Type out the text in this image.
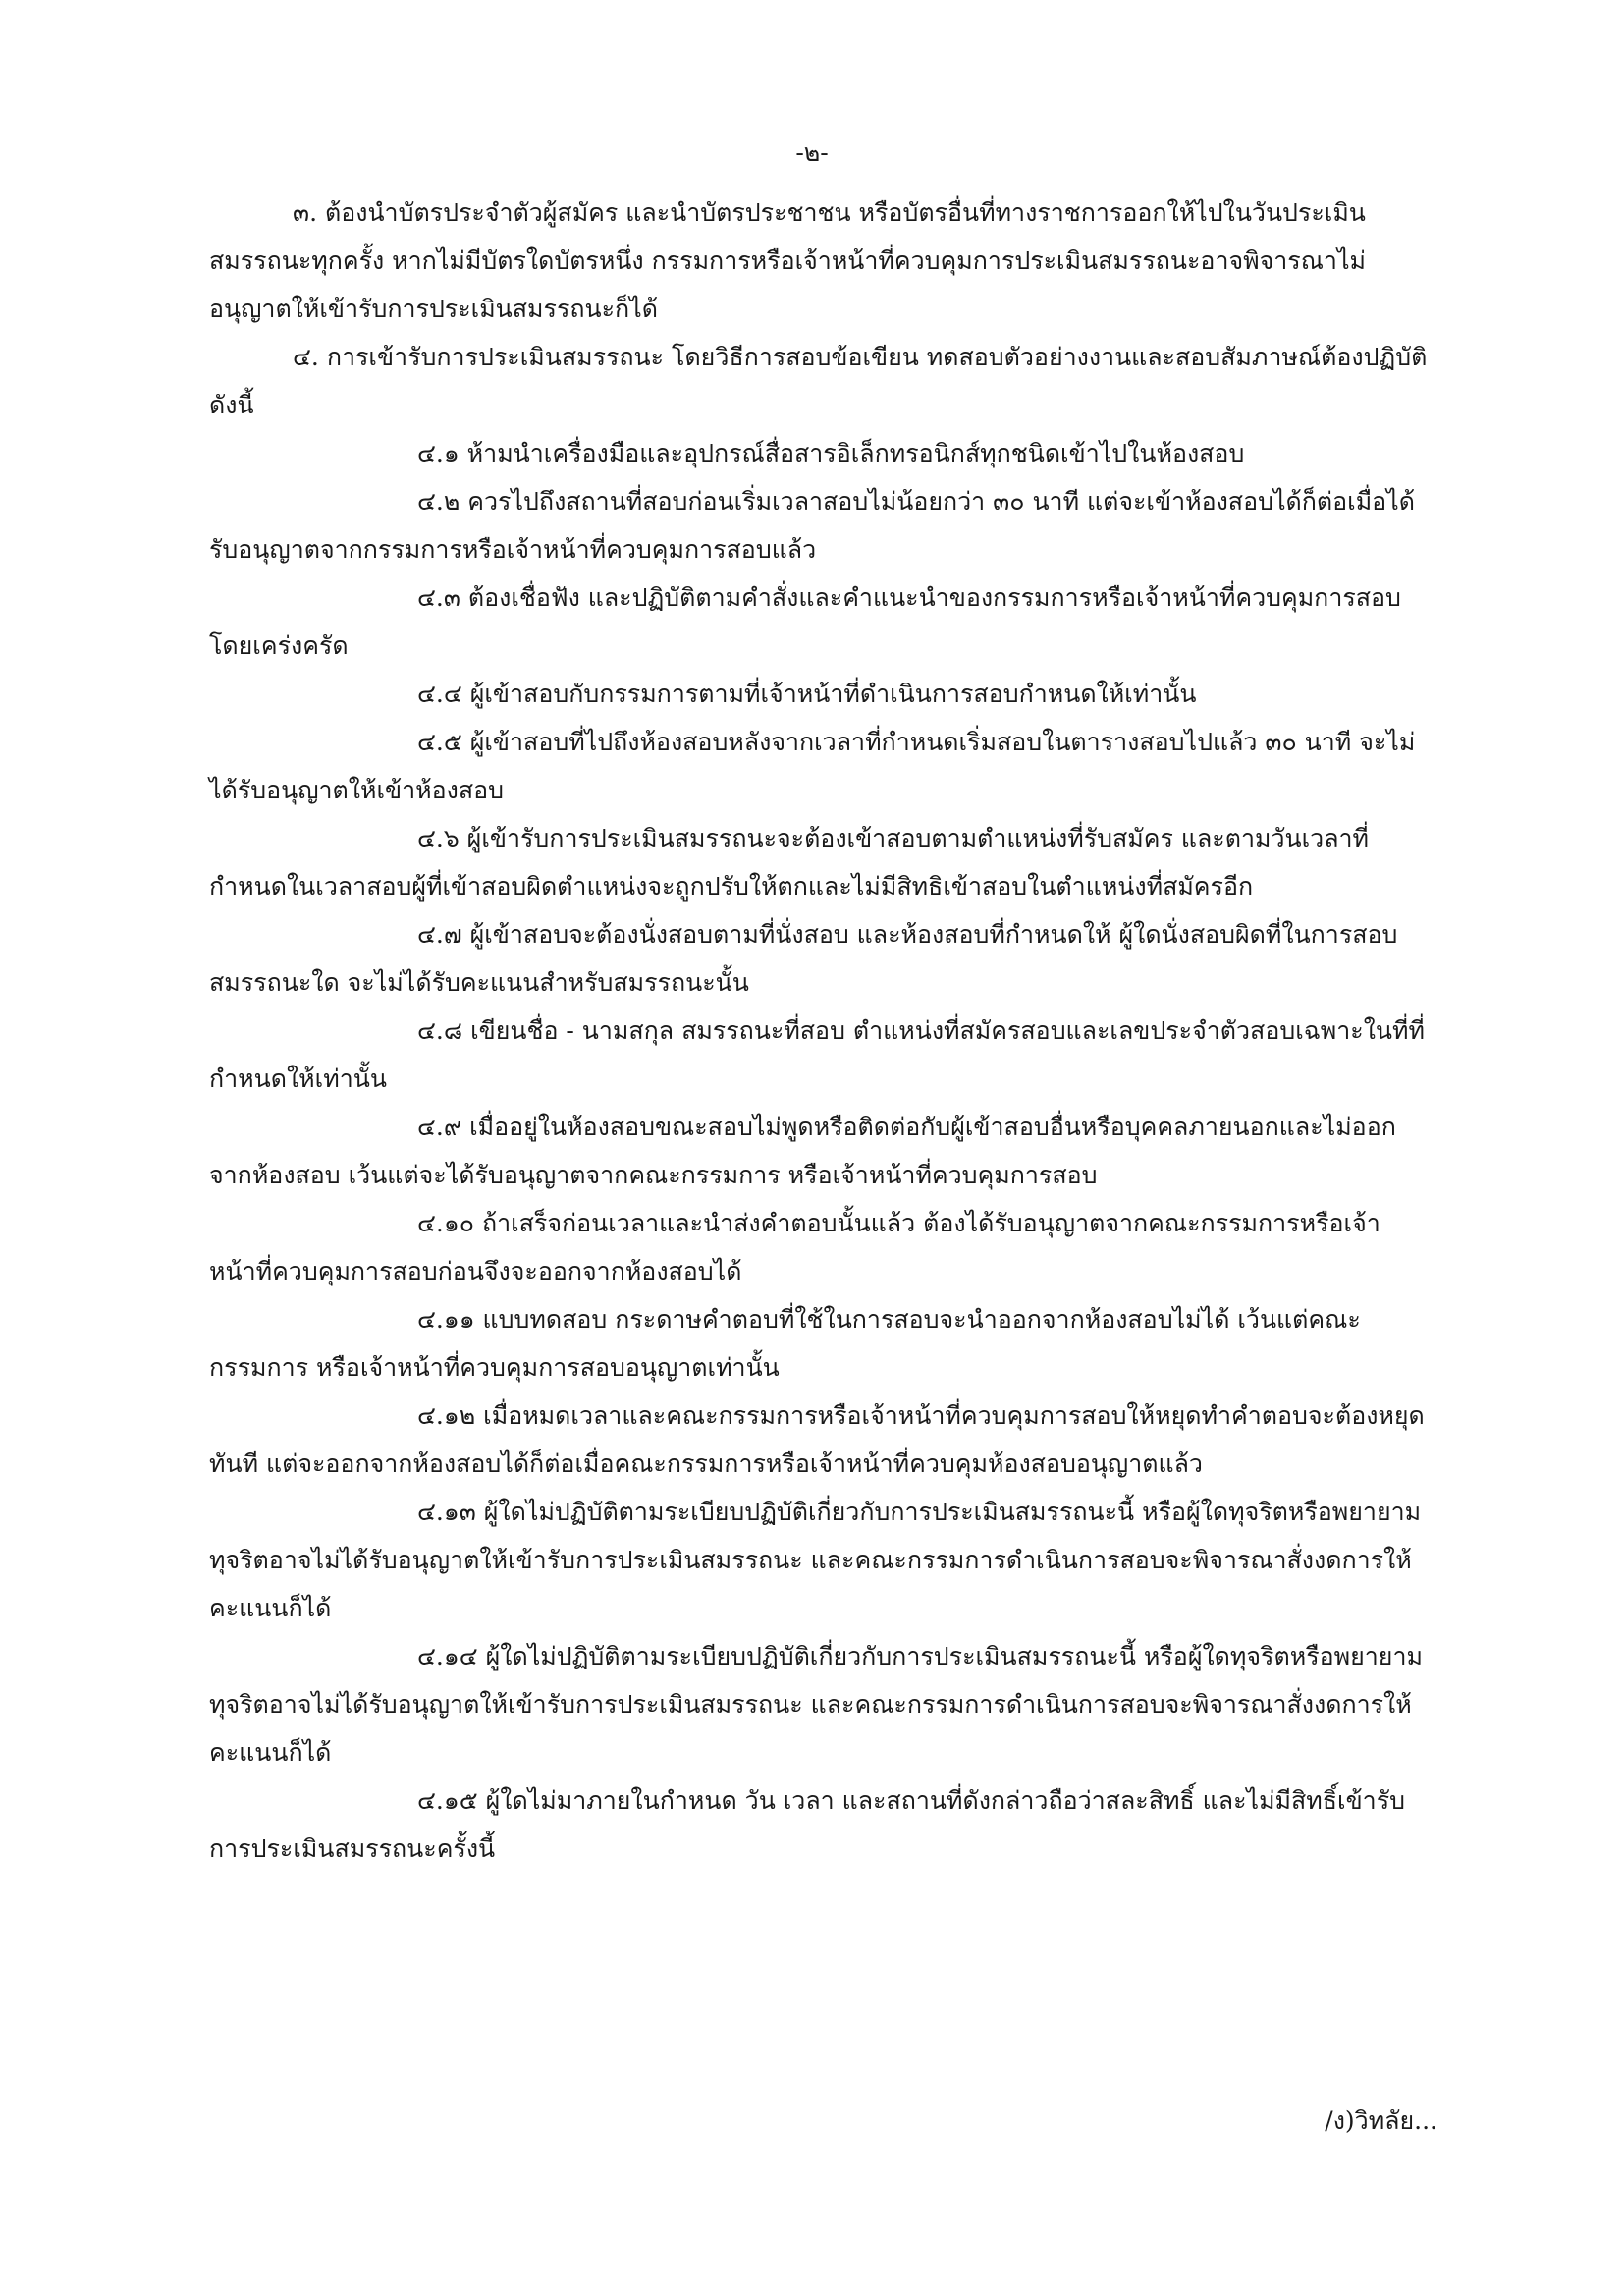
-๒-

๓. ต้องนำบัตรประจำตัวผู้สมัคร และนำบัตรประชาชน หรือบัตรอื่นที่ทางราชการออกให้ไปในวันประเมินสมรรถนะทุกครั้ง หากไม่มีบัตรใดบัตรหนึ่ง กรรมการหรือเจ้าหน้าที่ควบคุมการประเมินสมรรถนะอาจพิจารณาไม่อนุญาตให้เข้ารับการประเมินสมรรถนะก็ได้

๔. การเข้ารับการประเมินสมรรถนะ โดยวิธีการสอบข้อเขียน ทดสอบตัวอย่างงานและสอบสัมภาษณ์ต้องปฏิบัติ ดังนี้

๔.๑ ห้ามนำเครื่องมือและอุปกรณ์สื่อสารอิเล็กทรอนิกส์ทุกชนิดเข้าไปในห้องสอบ

๔.๒ ควรไปถึงสถานที่สอบก่อนเริ่มเวลาสอบไม่น้อยกว่า ๓๐ นาที แต่จะเข้าห้องสอบได้ก็ต่อเมื่อได้รับอนุญาตจากกรรมการหรือเจ้าหน้าที่ควบคุมการสอบแล้ว

๔.๓ ต้องเชื่อฟัง และปฏิบัติตามคำสั่งและคำแนะนำของกรรมการหรือเจ้าหน้าที่ควบคุมการสอบโดยเคร่งครัด

๔.๔ ผู้เข้าสอบกับกรรมการตามที่เจ้าหน้าที่ดำเนินการสอบกำหนดให้เท่านั้น

๔.๕ ผู้เข้าสอบที่ไปถึงห้องสอบหลังจากเวลาที่กำหนดเริ่มสอบในตารางสอบไปแล้ว ๓๐ นาที จะไม่ได้รับอนุญาตให้เข้าห้องสอบ

๔.๖ ผู้เข้ารับการประเมินสมรรถนะจะต้องเข้าสอบตามตำแหน่งที่รับสมัคร และตามวันเวลาที่กำหนดในเวลาสอบผู้ที่เข้าสอบผิดตำแหน่งจะถูกปรับให้ตกและไม่มีสิทธิเข้าสอบในตำแหน่งที่สมัครอีก

๔.๗ ผู้เข้าสอบจะต้องนั่งสอบตามที่นั่งสอบ และห้องสอบที่กำหนดให้ ผู้ใดนั่งสอบผิดที่ในการสอบสมรรถนะใด จะไม่ได้รับคะแนนสำหรับสมรรถนะนั้น

๔.๘ เขียนชื่อ - นามสกุล สมรรถนะที่สอบ ตำแหน่งที่สมัครสอบและเลขประจำตัวสอบเฉพาะในที่ที่กำหนดให้เท่านั้น

๔.๙ เมื่ออยู่ในห้องสอบขณะสอบไม่พูดหรือติดต่อกับผู้เข้าสอบอื่นหรือบุคคลภายนอกและไม่ออกจากห้องสอบ เว้นแต่จะได้รับอนุญาตจากคณะกรรมการ หรือเจ้าหน้าที่ควบคุมการสอบ

๔.๑๐ ถ้าเสร็จก่อนเวลาและนำส่งคำตอบนั้นแล้ว ต้องได้รับอนุญาตจากคณะกรรมการหรือเจ้าหน้าที่ควบคุมการสอบก่อนจึงจะออกจากห้องสอบได้

๔.๑๑ แบบทดสอบ กระดาษคำตอบที่ใช้ในการสอบจะนำออกจากห้องสอบไม่ได้ เว้นแต่คณะกรรมการ หรือเจ้าหน้าที่ควบคุมการสอบอนุญาตเท่านั้น

๔.๑๒ เมื่อหมดเวลาและคณะกรรมการหรือเจ้าหน้าที่ควบคุมการสอบให้หยุดทำคำตอบจะต้องหยุดทันที แต่จะออกจากห้องสอบได้ก็ต่อเมื่อคณะกรรมการหรือเจ้าหน้าที่ควบคุมห้องสอบอนุญาตแล้ว

๔.๑๓ ผู้ใดไม่ปฏิบัติตามระเบียบปฏิบัติเกี่ยวกับการประเมินสมรรถนะนี้ หรือผู้ใดทุจริตหรือพยายามทุจริตอาจไม่ได้รับอนุญาตให้เข้ารับการประเมินสมรรถนะ และคณะกรรมการดำเนินการสอบจะพิจารณาสั่งงดการให้คะแนนก็ได้

๔.๑๔ ผู้ใดไม่ปฏิบัติตามระเบียบปฏิบัติเกี่ยวกับการประเมินสมรรถนะนี้ หรือผู้ใดทุจริตหรือพยายามทุจริตอาจไม่ได้รับอนุญาตให้เข้ารับการประเมินสมรรถนะ และคณะกรรมการดำเนินการสอบจะพิจารณาสั่งงดการให้คะแนนก็ได้

๔.๑๕ ผู้ใดไม่มาภายในกำหนด วัน เวลา และสถานที่ดังกล่าวถือว่าสละสิทธิ์ และไม่มีสิทธิ์เข้ารับการประเมินสมรรถนะครั้งนี้

/ง)วิทลัย...
